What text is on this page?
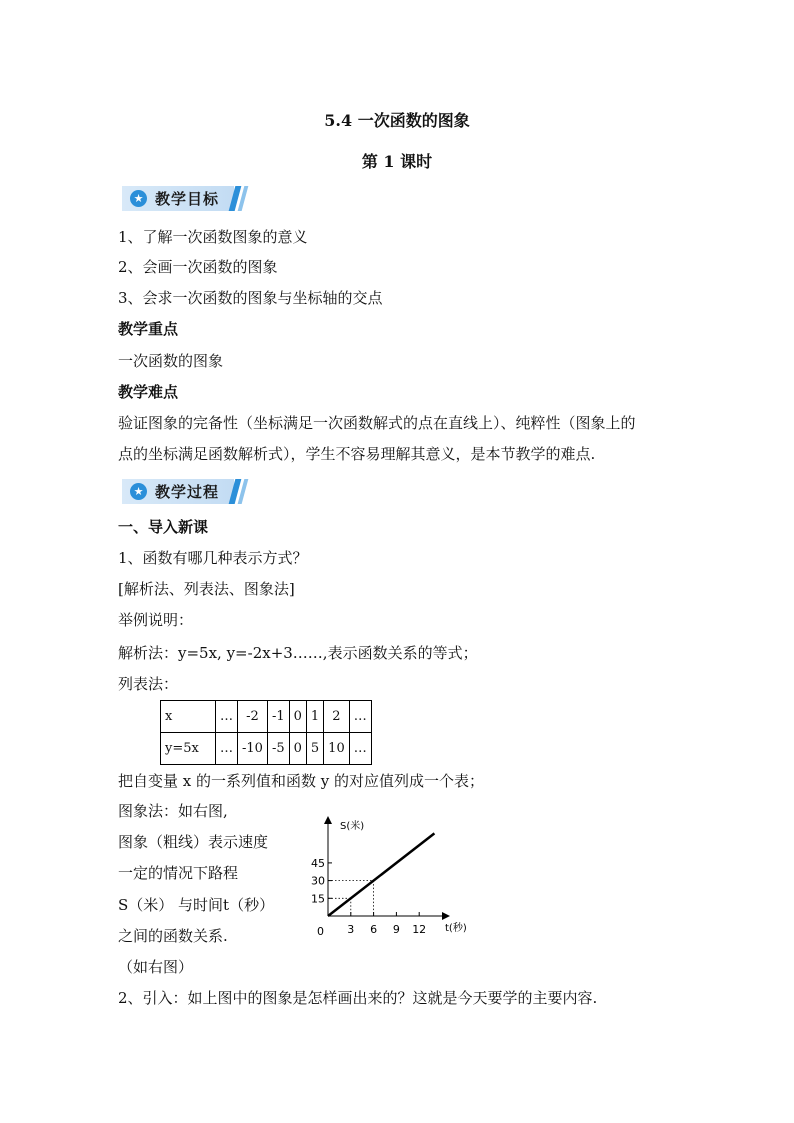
5.4 一次函数的图象
第 1 课时
★ 教学目标
1、了解一次函数图象的意义
2、会画一次函数的图象
3、会求一次函数的图象与坐标轴的交点
教学重点
一次函数的图象
教学难点
验证图象的完备性（坐标满足一次函数解式的点在直线上）、纯粹性（图象上的
点的坐标满足函数解析式），学生不容易理解其意义，是本节教学的难点.
★ 教学过程
一、导入新课
1、函数有哪几种表示方式？
[解析法、列表法、图象法]
举例说明：
解析法：y=5x, y=-2x+3……,表示函数关系的等式；
列表法：
x	…	-2	-1	0	1	2	…
y=5x	…	-10	-5	0	5	10	…
把自变量 x 的一系列值和函数 y 的对应值列成一个表；
图象法：如右图,
图象（粗线）表示速度
一定的情况下路程
S（米） 与时间t（秒）
之间的函数关系.
（如右图）
2、引入：如上图中的图象是怎样画出来的？这就是今天要学的主要内容.
3 6 9 12
15
30
45
S(米)
t(秒)
0
